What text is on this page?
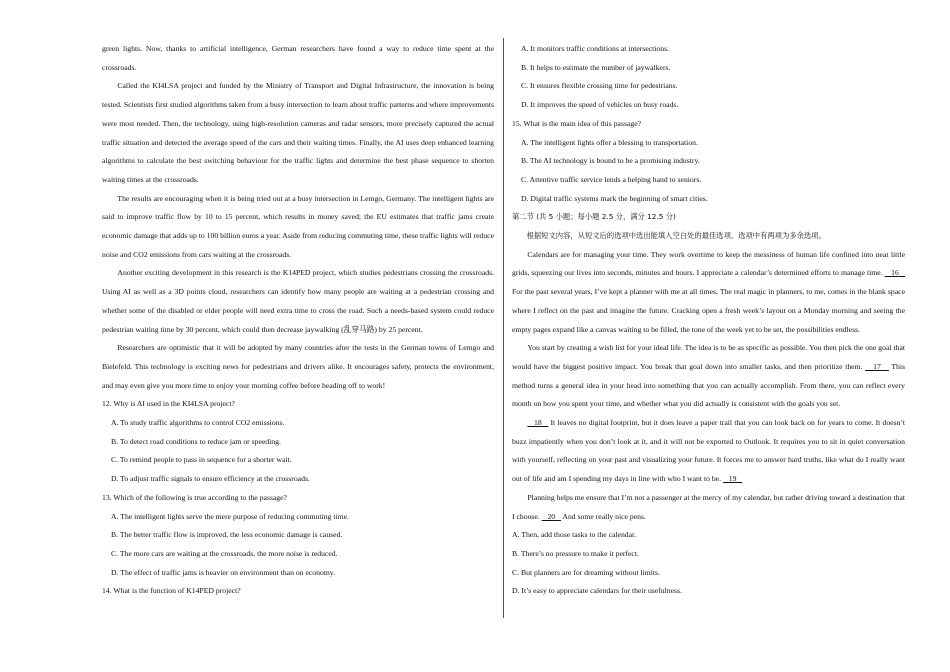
green lights. Now, thanks to artificial intelligence, German researchers have found a way to reduce time spent at the crossroads.

Called the KI4LSA project and funded by the Ministry of Transport and Digital Infrastructure, the innovation is being tested. Scientists first studied algorithms taken from a busy intersection to learn about traffic patterns and where improvements were most needed. Then, the technology, using high-resolution cameras and radar sensors, more precisely captured the actual traffic situation and detected the average speed of the cars and their waiting times. Finally, the AI uses deep enhanced learning algorithms to calculate the best switching behaviour for the traffic lights and determine the best phase sequence to shorten waiting times at the crossroads.

The results are encouraging when it is being tried out at a busy intersection in Lemgo, Germany. The intelligent lights are said to improve traffic flow by 10 to 15 percent, which results in money saved; the EU estimates that traffic jams create economic damage that adds up to 100 billion euros a year. Aside from reducing commuting time, these traffic lights will reduce noise and CO2 emissions from cars waiting at the crossroads.

Another exciting development in this research is the K14PED project, which studies pedestrians crossing the crossroads. Using AI as well as a 3D points cloud, researchers can identify how many people are waiting at a pedestrian crossing and whether some of the disabled or elder people will need extra time to cross the road. Such a needs-based system could reduce pedestrian waiting time by 30 percent, which could then decrease jaywalking (乱穿马路) by 25 percent.

Researchers are optimistic that it will be adopted by many countries after the tests in the German towns of Lemgo and Bielefeld. This technology is exciting news for pedestrians and drivers alike. It encourages safety, protects the environment, and may even give you more time to enjoy your morning coffee before heading off to work!

12. Why is AI used in the KI4LSA project?

A. To study traffic algorithms to control CO2 emissions.

B. To detect road conditions to reduce jam or speeding.

C. To remind people to pass in sequence for a shorter wait.

D. To adjust traffic signals to ensure efficiency at the crossroads.

13. Which of the following is true according to the passage?

A. The intelligent lights serve the mere purpose of reducing commuting time.

B. The better traffic flow is improved, the less economic damage is caused.

C. The more cars are waiting at the crossroads, the more noise is reduced.

D. The effect of traffic jams is heavier on environment than on economy.

14. What is the function of K14PED project?

A. It monitors traffic conditions at intersections.

B. It helps to estimate the number of jaywalkers.

C. It ensures flexible crossing time for pedestrians.

D. It improves the speed of vehicles on busy roads.

15. What is the main idea of this passage?

A. The intelligent lights offer a blessing to transportation.

B. The AI technology is bound to be a promising industry.

C. Attentive traffic service lends a helping hand to seniors.

D. Digital traffic systems mark the beginning of smart cities.

第二节 (共 5 小题；每小题 2.5 分，满分 12.5 分)

根据短文内容，从短文后的选项中选出能填入空白处的最佳选项。选项中有两项为多余选项。

Calendars are for managing your time. They work overtime to keep the messiness of human life confined into neat little grids, squeezing our lives into seconds, minutes and hours. I appreciate a calendar’s determined efforts to manage time. 16    For the past several years, I’ve kept a planner with me at all times. The real magic in planners, to me, comes in the blank space where I reflect on the past and imagine the future. Cracking open a fresh week’s layout on a Monday morning and seeing the empty pages expand like a canvas waiting to be filled, the tone of the week yet to be set, the possibilities endless.

You start by creating a wish list for your ideal life. The idea is to be as specific as possible. You then pick the one goal that would have the biggest positive impact. You break that goal down into smaller tasks, and then prioritize them. 17 This method turns a general idea in your head into something that you can actually accomplish. From there, you can reflect every month on how you spent your time, and whether what you did actually is consistent with the goals you set.

18 It leaves no digital footprint, but it does leave a paper trail that you can look back on for years to come. It doesn’t buzz impatiently when you don’t look at it, and it will not be exported to Outlook. It requires you to sit in quiet conversation with yourself, reflecting on your past and visualizing your future. It forces me to answer hard truths, like what do I really want out of life and am I spending my days in line with who I want to be. 19

Planning helps me ensure that I’m not a passenger at the mercy of my calendar, but rather driving toward a destination that I choose. 20 And some really nice pens.

A. Then, add those tasks to the calendar.

B. There’s no pressure to make it perfect.

C. But planners are for dreaming without limits.

D. It’s easy to appreciate calendars for their usefulness.
